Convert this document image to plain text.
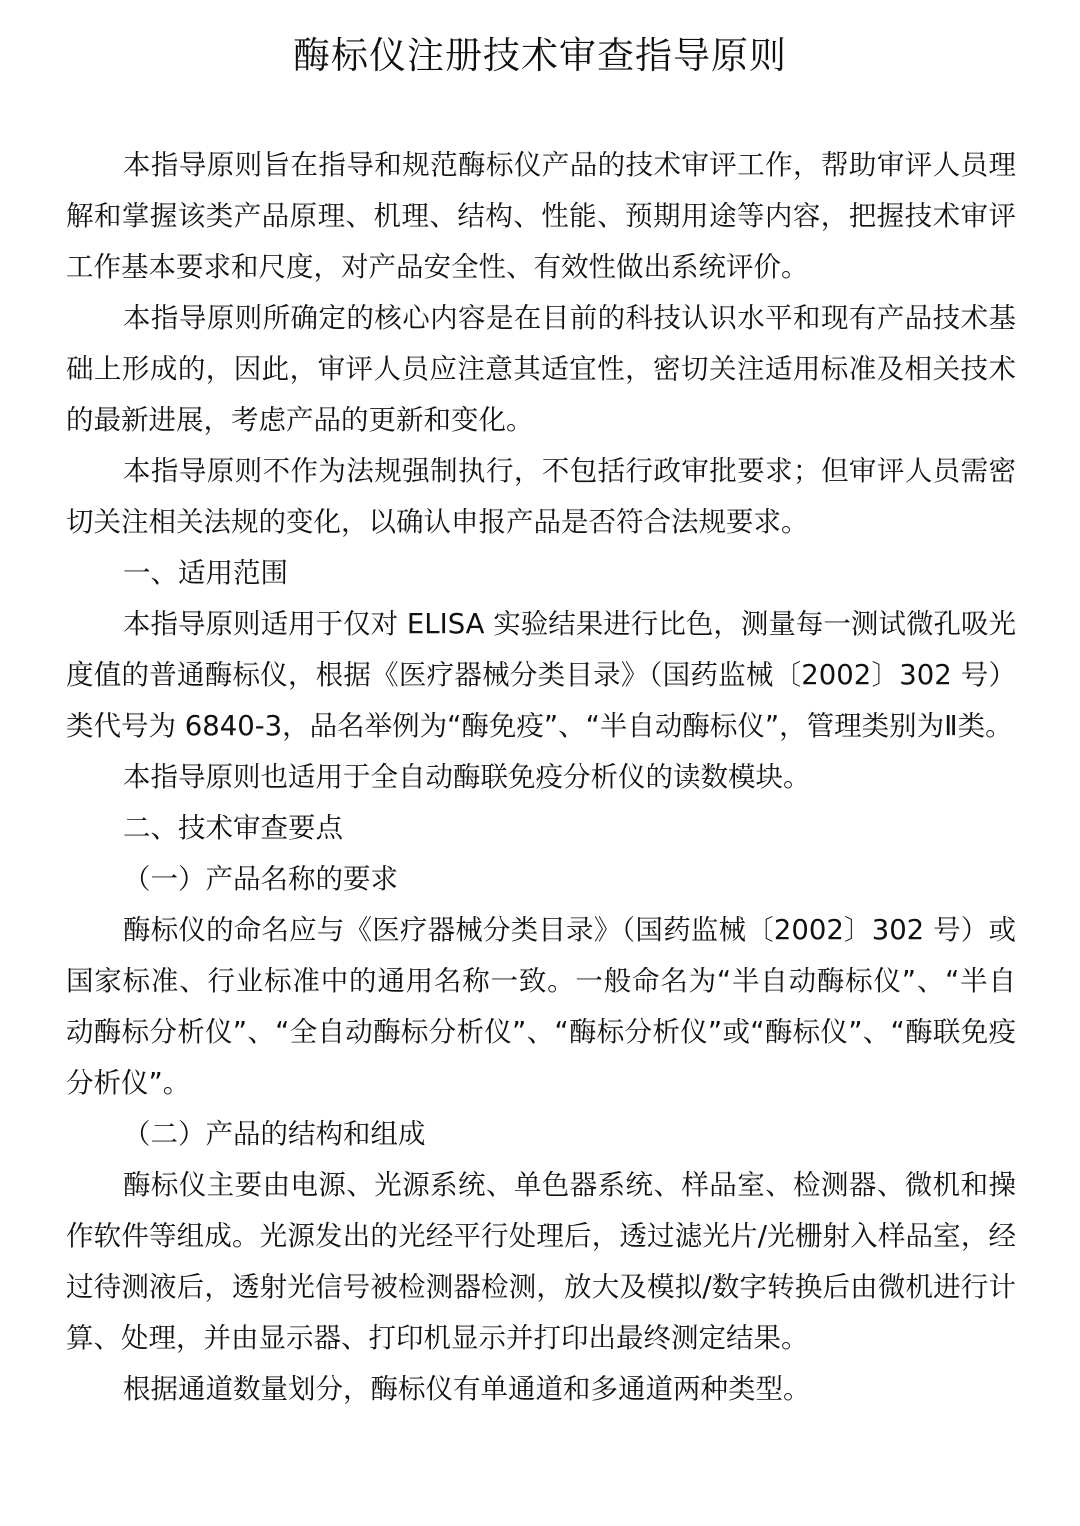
酶标仪注册技术审查指导原则

本指导原则旨在指导和规范酶标仪产品的技术审评工作，帮助审评人员理解和掌握该类产品原理、机理、结构、性能、预期用途等内容，把握技术审评工作基本要求和尺度，对产品安全性、有效性做出系统评价。

本指导原则所确定的核心内容是在目前的科技认识水平和现有产品技术基础上形成的，因此，审评人员应注意其适宜性，密切关注适用标准及相关技术的最新进展，考虑产品的更新和变化。

本指导原则不作为法规强制执行，不包括行政审批要求；但审评人员需密切关注相关法规的变化，以确认申报产品是否符合法规要求。

一、适用范围

本指导原则适用于仅对 ELISA 实验结果进行比色，测量每一测试微孔吸光度值的普通酶标仪，根据《医疗器械分类目录》（国药监械〔2002〕302 号）类代号为 6840-3，品名举例为“酶免疫”、“半自动酶标仪”，管理类别为Ⅱ类。

本指导原则也适用于全自动酶联免疫分析仪的读数模块。

二、技术审查要点

（一）产品名称的要求

酶标仪的命名应与《医疗器械分类目录》（国药监械〔2002〕302 号）或国家标准、行业标准中的通用名称一致。一般命名为“半自动酶标仪”、“半自动酶标分析仪”、“全自动酶标分析仪”、“酶标分析仪”或“酶标仪”、“酶联免疫分析仪”。

（二）产品的结构和组成

酶标仪主要由电源、光源系统、单色器系统、样品室、检测器、微机和操作软件等组成。光源发出的光经平行处理后，透过滤光片/光栅射入样品室，经过待测液后，透射光信号被检测器检测，放大及模拟/数字转换后由微机进行计算、处理，并由显示器、打印机显示并打印出最终测定结果。

根据通道数量划分，酶标仪有单通道和多通道两种类型。
